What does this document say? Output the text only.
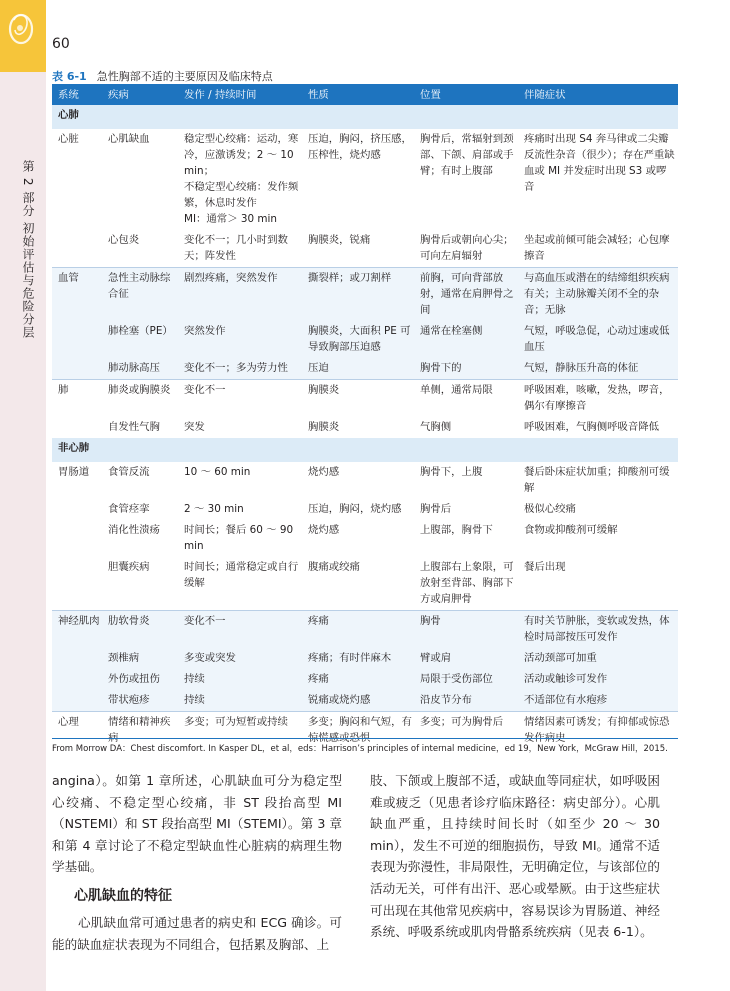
60
第 2 部分 初始评估与危险分层
表 6-1 急性胸部不适的主要原因及临床特点
系统	疾病	发作 / 持续时间	性质	位置	伴随症状
心肺					
心脏	心肌缺血	稳定型心绞痛：运动，寒冷，应激诱发；2 ～ 10 min；
不稳定型心绞痛：发作频繁，休息时发作
MI：通常＞ 30 min	压迫，胸闷，挤压感，压榨性，烧灼感	胸骨后，常辐射到颈部、下颌、肩部或手臂；有时上腹部	疼痛时出现 S4 奔马律或二尖瓣反流性杂音（很少）；存在严重缺血或 MI 并发症时出现 S3 或啰音
	心包炎	变化不一；几小时到数天；阵发性	胸膜炎，锐痛	胸骨后或朝向心尖；可向左肩辐射	坐起或前倾可能会减轻；心包摩擦音
血管	急性主动脉综合征	剧烈疼痛，突然发作	撕裂样；或刀割样	前胸，可向背部放射，通常在肩胛骨之间	与高血压或潜在的结缔组织疾病有关；主动脉瓣关闭不全的杂音；无脉
	肺栓塞（PE）	突然发作	胸膜炎，大面积 PE 可导致胸部压迫感	通常在栓塞侧	气短，呼吸急促，心动过速或低血压
	肺动脉高压	变化不一；多为劳力性	压迫	胸骨下的	气短，静脉压升高的体征
肺	肺炎或胸膜炎	变化不一	胸膜炎	单侧，通常局限	呼吸困难，咳嗽，发热，啰音，偶尔有摩擦音
	自发性气胸	突发	胸膜炎	气胸侧	呼吸困难，气胸侧呼吸音降低
非心肺					
胃肠道	食管反流	10 ～ 60 min	烧灼感	胸骨下，上腹	餐后卧床症状加重；抑酸剂可缓解
	食管痉挛	2 ～ 30 min	压迫，胸闷，烧灼感	胸骨后	极似心绞痛
	消化性溃疡	时间长；餐后 60 ～ 90 min	烧灼感	上腹部，胸骨下	食物或抑酸剂可缓解
	胆囊疾病	时间长；通常稳定或自行缓解	腹痛或绞痛	上腹部右上象限，可放射至背部、胸部下方或肩胛骨	餐后出现
神经肌肉	肋软骨炎	变化不一	疼痛	胸骨	有时关节肿胀，变软或发热，体检时局部按压可发作
	颈椎病	多变或突发	疼痛；有时伴麻木	臂或肩	活动颈部可加重
	外伤或扭伤	持续	疼痛	局限于受伤部位	活动或触诊可发作
	带状疱疹	持续	锐痛或烧灼感	沿皮节分布	不适部位有水疱疹
心理	情绪和精神疾病	多变；可为短暂或持续	多变；胸闷和气短，有惊慌感或恐惧	多变；可为胸骨后	情绪因素可诱发；有抑郁或惊恐发作病史
From Morrow DA：Chest discomfort. In Kasper DL，et al，eds：Harrison’s principles of internal medicine，ed 19，New York，McGraw Hill，2015.

angina）。如第 1 章所述，心肌缺血可分为稳定型心绞痛、不稳定型心绞痛，非 ST 段抬高型 MI（NSTEMI）和 ST 段抬高型 MI（STEMI）。第 3 章和第 4 章讨论了不稳定型缺血性心脏病的病理生物学基础。

心肌缺血的特征

心肌缺血常可通过患者的病史和 ECG 确诊。可能的缺血症状表现为不同组合，包括累及胸部、上

肢、下颌或上腹部不适，或缺血等同症状，如呼吸困难或疲乏（见患者诊疗临床路径：病史部分）。心肌缺血严重，且持续时间长时（如至少 20 ～ 30 min），发生不可逆的细胞损伤，导致 MI。通常不适表现为弥漫性，非局限性，无明确定位，与该部位的活动无关，可伴有出汗、恶心或晕厥。由于这些症状可出现在其他常见疾病中，容易误诊为胃肠道、神经系统、呼吸系统或肌肉骨骼系统疾病（见表 6-1）。
